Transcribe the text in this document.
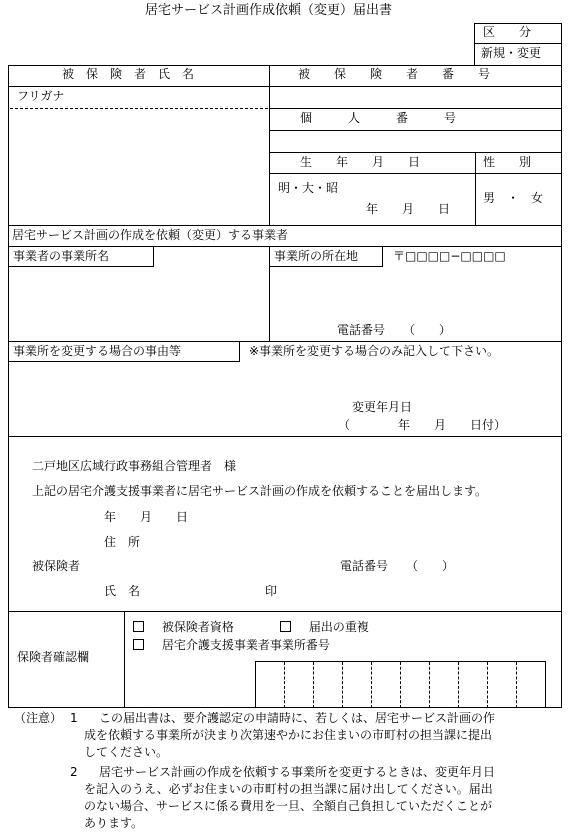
居宅サービス計画作成依頼（変更）届出書
区　　分
新規・変更
被　保　険　者　氏　名	被　　保　　険　　者　　番　　号
フリガナ
個　　　人　　　番　　　号
生　　年　　月　　日	性　　別
明・大・昭
年　　月　　日
男　・　女
居宅サービス計画の作成を依頼（変更）する事業者
事業者の事業所名	事業所の所在地	〒□□□□−□□□□
電話番号　　（　　）
事業所を変更する場合の事由等	※事業所を変更する場合のみ記入して下さい。
変更年月日
（　　　　年　　月　　日付）
二戸地区広域行政事務組合管理者　様
上記の居宅介護支援事業者に居宅サービス計画の作成を依頼することを届出します。
年　　月　　日
住　所
被保険者	電話番号　　（　　）
氏　名	印
保険者確認欄
被保険者資格	届出の重複
居宅介護支援事業者事業所番号
（注意） 1 この届出書は、要介護認定の申請時に、若しくは、居宅サービス計画の作
成を依頼する事業所が決まり次第速やかにお住まいの市町村の担当課に提出
してください。
2 居宅サービス計画の作成を依頼する事業所を変更するときは、変更年月日
を記入のうえ、必ずお住まいの市町村の担当課に届け出してください。届出
のない場合、サービスに係る費用を一旦、全額自己負担していただくことが
あります。
